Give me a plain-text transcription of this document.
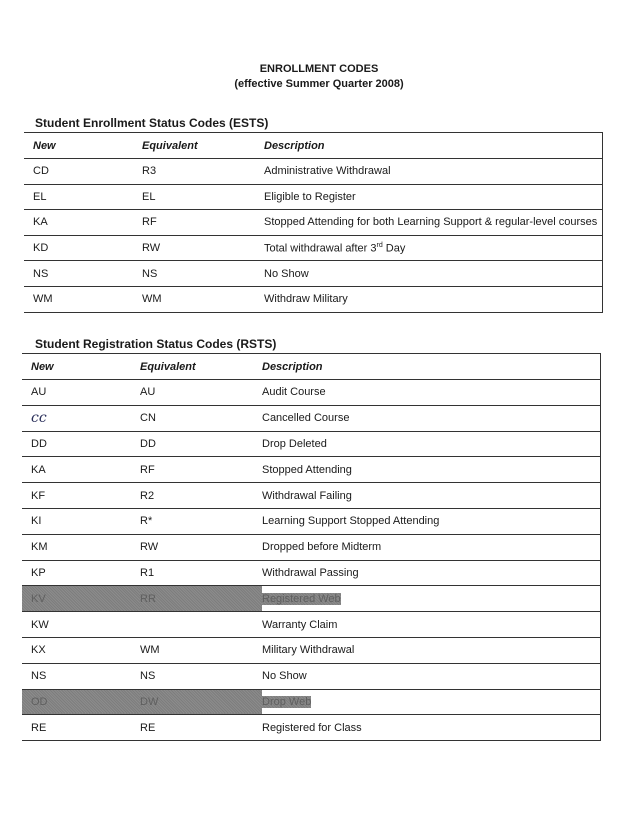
ENROLLMENT CODES
(effective Summer Quarter 2008)
Student Enrollment Status Codes (ESTS)
New	Equivalent	Description
CD	R3	Administrative Withdrawal
EL	EL	Eligible to Register
KA	RF	Stopped Attending for both Learning Support & regular-level courses
KD	RW	Total withdrawal after 3rd Day
NS	NS	No Show
WM	WM	Withdraw Military
Student Registration Status Codes (RSTS)
New	Equivalent	Description
AU	AU	Audit Course
cc	CN	Cancelled Course
DD	DD	Drop Deleted
KA	RF	Stopped Attending
KF	R2	Withdrawal Failing
KI	R*	Learning Support Stopped Attending
KM	RW	Dropped before Midterm
KP	R1	Withdrawal Passing
KV	RR	Registered Web
KW		Warranty Claim
KX	WM	Military Withdrawal
NS	NS	No Show
OD	DW	Drop Web
RE	RE	Registered for Class
